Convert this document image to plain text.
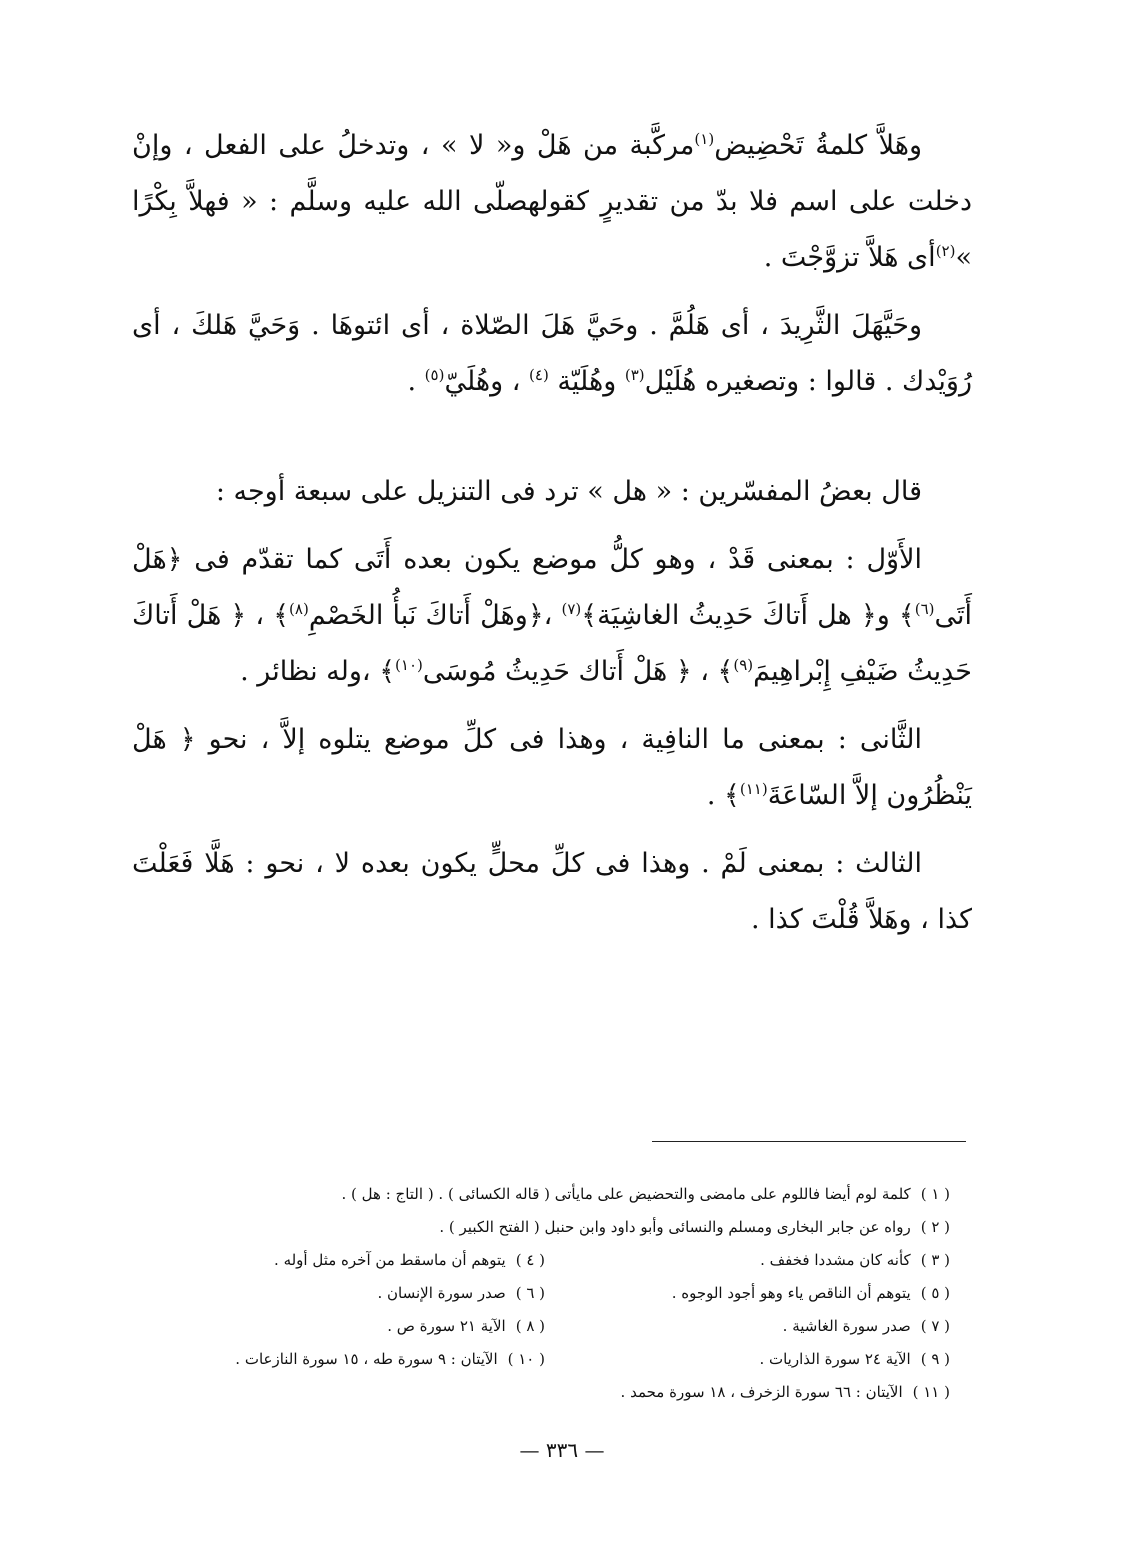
وهَلاَّ كلمةُ تَحْضِيض$^{(١)}$مركَّبة من هَلْ و« لا » ، وتدخلُ على الفعل ، وإنْ دخلت على اسم فلا بدّ من تقديرٍ كقولهصلّى الله عليه وسلَّم : « فهلاَّ بِكْرًا »$^{(٢)}$أى هَلاَّ تزوَّجْتَ .

وحَيَّهَلَ الثَّرِيدَ ، أى هَلُمَّ . وحَيَّ هَلَ الصّلاة ، أى ائتوهَا . وَحَيَّ هَلكَ ، أى رُوَيْدك . قالوا : وتصغيره هُلَيْل$^{(٣)}$ وهُلَيّة $^{(٤)}$ ، وهُلَيّ$^{(٥)}$ .

قال بعضُ المفسّرين : « هل » ترد فى التنزيل على سبعة أوجه :

الأَوّل : بمعنى قَدْ ، وهو كلُّ موضع يكون بعده أَتَى كما تقدّم فى ﴿هَلْ أَتَى$^{(٦)}$﴾ و﴿ هل أَتاكَ حَدِيثُ الغاشِيَة﴾$^{(٧)}$ ،﴿وهَلْ أَتاكَ نَبأُ الخَصْمِ$^{(٨)}$﴾ ، ﴿ هَلْ أَتاكَ حَدِيثُ ضَيْفِ إِبْراهِيمَ$^{(٩)}$﴾ ، ﴿ هَلْ أَتاك حَدِيثُ مُوسَى$^{(١٠)}$﴾ ،وله نظائر .

الثَّانى : بمعنى ما النافِية ، وهذا فى كلِّ موضع يتلوه إلاَّ ، نحو ﴿ هَلْ يَنْظُرُون إلاَّ السّاعَةَ$^{(١١)}$﴾ .

الثالث : بمعنى لَمْ . وهذا فى كلِّ محلٍّ يكون بعده لا ، نحو : هَلَّا فَعَلْتَ كذا ، وهَلاَّ قُلْتَ كذا .

( ١ )كلمة لوم أيضا فاللوم على مامضى والتحضيض على مايأتى ( قاله الكسائى ) . ( التاج : هل ) .
( ٢ )رواه عن جابر البخارى ومسلم والنسائى وأبو داود وابن حنبل ( الفتح الكبير ) .
( ٣ )كأنه كان مشددا فخفف .
( ٤ )يتوهم أن ماسقط من آخره مثل أوله .
( ٥ )يتوهم أن الناقص ياء وهو أجود الوجوه .
( ٦ )صدر سورة الإنسان .
( ٧ )صدر سورة الغاشية .
( ٨ )الآية ٢١ سورة ص .
( ٩ )الآية ٢٤ سورة الذاريات .
( ١٠ )الآيتان : ٩ سورة طه ، ١٥ سورة النازعات .
( ١١ )الآيتان : ٦٦ سورة الزخرف ، ١٨ سورة محمد .
— ٣٣٦ —
